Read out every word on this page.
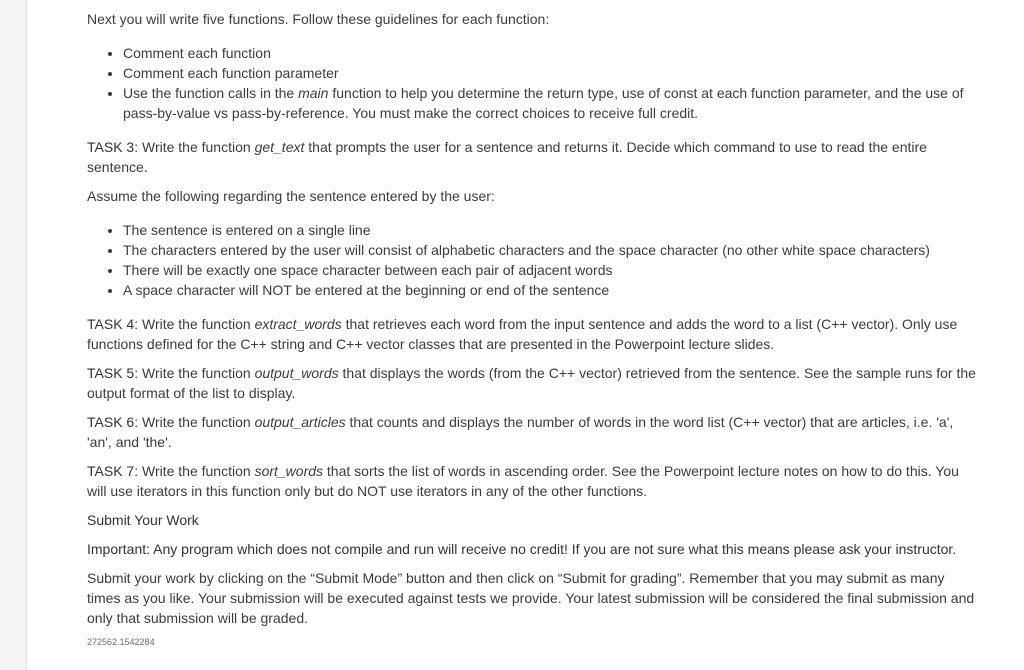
Next you will write five functions. Follow these guidelines for each function:

• Comment each function
• Comment each function parameter
• Use the function calls in the main function to help you determine the return type, use of const at each function parameter, and the use of pass-by-value vs pass-by-reference. You must make the correct choices to receive full credit.

TASK 3: Write the function get_text that prompts the user for a sentence and returns it. Decide which command to use to read the entire sentence.

Assume the following regarding the sentence entered by the user:

• The sentence is entered on a single line
• The characters entered by the user will consist of alphabetic characters and the space character (no other white space characters)
• There will be exactly one space character between each pair of adjacent words
• A space character will NOT be entered at the beginning or end of the sentence

TASK 4: Write the function extract_words that retrieves each word from the input sentence and adds the word to a list (C++ vector). Only use functions defined for the C++ string and C++ vector classes that are presented in the Powerpoint lecture slides.

TASK 5: Write the function output_words that displays the words (from the C++ vector) retrieved from the sentence. See the sample runs for the output format of the list to display.

TASK 6: Write the function output_articles that counts and displays the number of words in the word list (C++ vector) that are articles, i.e. 'a', 'an', and 'the'.

TASK 7: Write the function sort_words that sorts the list of words in ascending order. See the Powerpoint lecture notes on how to do this. You will use iterators in this function only but do NOT use iterators in any of the other functions.

Submit Your Work

Important: Any program which does not compile and run will receive no credit! If you are not sure what this means please ask your instructor.

Submit your work by clicking on the “Submit Mode” button and then click on “Submit for grading”. Remember that you may submit as many times as you like. Your submission will be executed against tests we provide. Your latest submission will be considered the final submission and only that submission will be graded.

272562.1542284
